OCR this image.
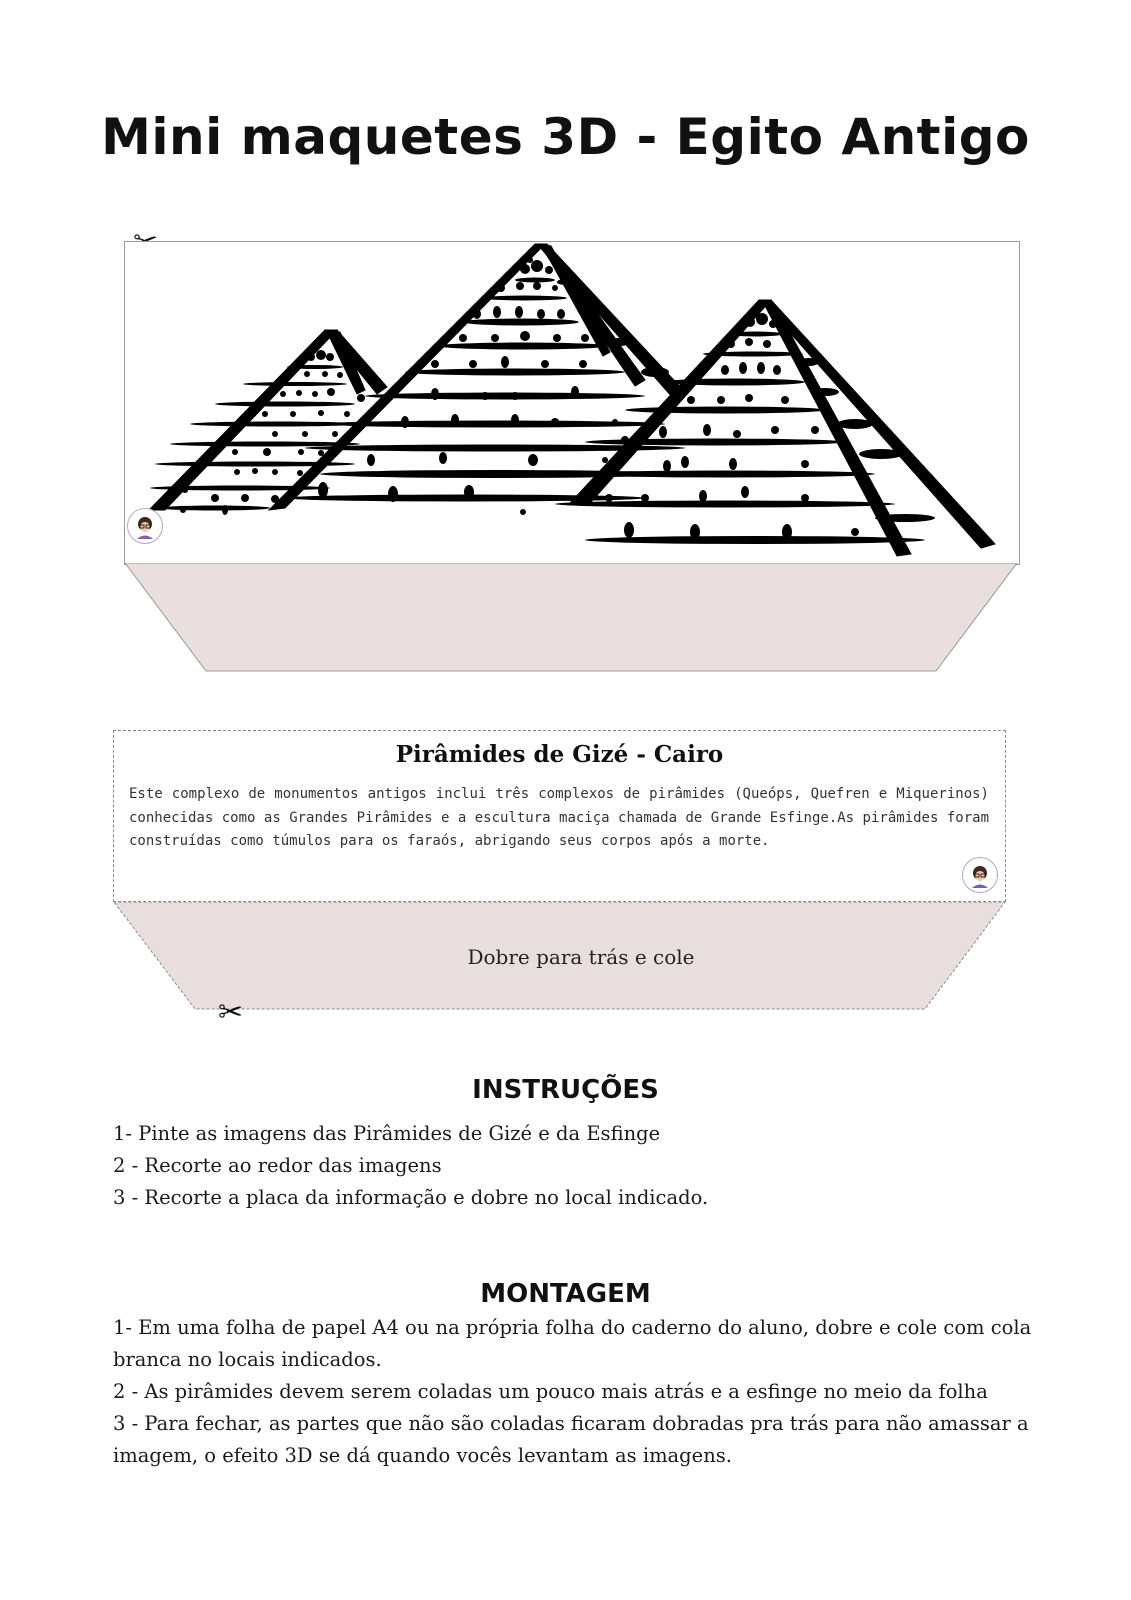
Mini maquetes 3D - Egito Antigo
Pirâmides de Gizé - Cairo
Este complexo de monumentos antigos inclui três complexos de pirâmides (Queóps, Quefren e Miquerinos) conhecidas como as Grandes Pirâmides e a escultura maciça chamada de Grande Esfinge.As pirâmides foram construídas como túmulos para os faraós, abrigando seus corpos após a morte.
Dobre para trás e cole
✂
INSTRUÇÕES
1- Pinte as imagens das Pirâmides de Gizé e da Esfinge
2 - Recorte ao redor das imagens
3 - Recorte a placa da informação e dobre no local indicado.
MONTAGEM
1- Em uma folha de papel A4 ou na própria folha do caderno do aluno, dobre e cole com cola branca no locais indicados.
2 - As pirâmides devem serem coladas um pouco mais atrás e a esfinge no meio da folha
3 - Para fechar, as partes que não são coladas ficaram dobradas pra trás para não amassar a imagem, o efeito 3D se dá quando vocês levantam as imagens.
